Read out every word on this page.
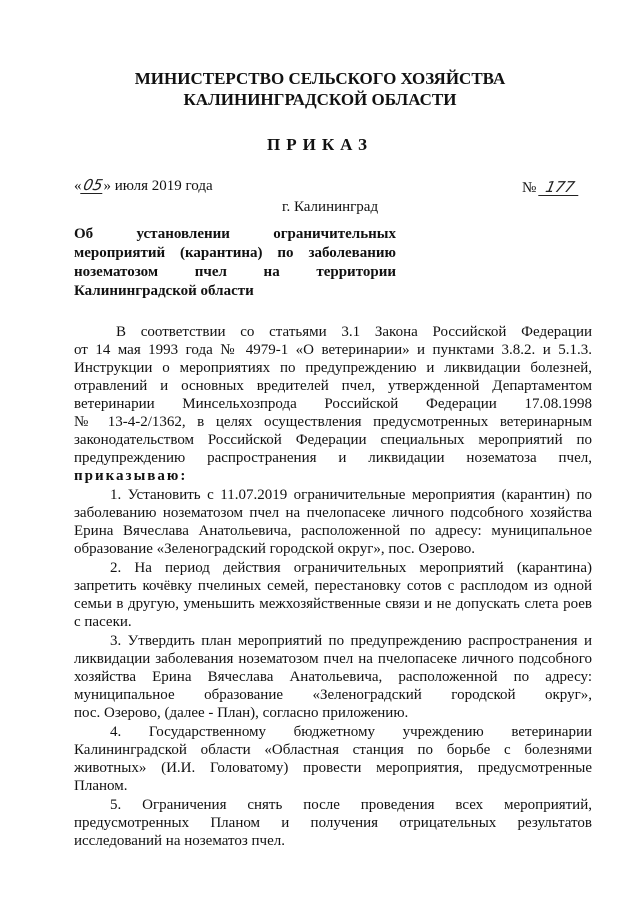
МИНИСТЕРСТВО СЕЛЬСКОГО ХОЗЯЙСТВА
КАЛИНИНГРАДСКОЙ ОБЛАСТИ
ПРИКАЗ
«05» июля 2019 года	№ 177
г. Калининград
Об установлении ограничительных
мероприятий (карантина) по заболеванию
нозематозом пчел на территории
Калининградской области
В соответствии со статьями 3.1 Закона Российской Федерации
от 14 мая 1993 года № 4979-1 «О ветеринарии» и пунктами 3.8.2. и 5.1.3.
Инструкции о мероприятиях по предупреждению и ликвидации болезней,
отравлений и основных вредителей пчел, утвержденной Департаментом
ветеринарии Минсельхозпрода Российской Федерации 17.08.1998
№ 13-4-2/1362, в целях осуществления предусмотренных ветеринарным
законодательством Российской Федерации специальных мероприятий по
предупреждению распространения и ликвидации нозематоза пчел,
приказываю:
1. Установить с 11.07.2019 ограничительные мероприятия (карантин) по
заболеванию нозематозом пчел на пчелопасеке личного подсобного хозяйства
Ерина Вячеслава Анатольевича, расположенной по адресу: муниципальное
образование «Зеленоградский городской округ», пос. Озерово.
2. На период действия ограничительных мероприятий (карантина)
запретить кочёвку пчелиных семей, перестановку сотов с расплодом из одной
семьи в другую, уменьшить межхозяйственные связи и не допускать слета роев
с пасеки.
3. Утвердить план мероприятий по предупреждению распространения и
ликвидации заболевания нозематозом пчел на пчелопасеке личного подсобного
хозяйства Ерина Вячеслава Анатольевича, расположенной по адресу:
муниципальное образование «Зеленоградский городской округ»,
пос. Озерово, (далее - План), согласно приложению.
4. Государственному бюджетному учреждению ветеринарии
Калининградской области «Областная станция по борьбе с болезнями
животных» (И.И. Головатому) провести мероприятия, предусмотренные
Планом.
5. Ограничения снять после проведения всех мероприятий,
предусмотренных Планом и получения отрицательных результатов
исследований на нозематоз пчел.
